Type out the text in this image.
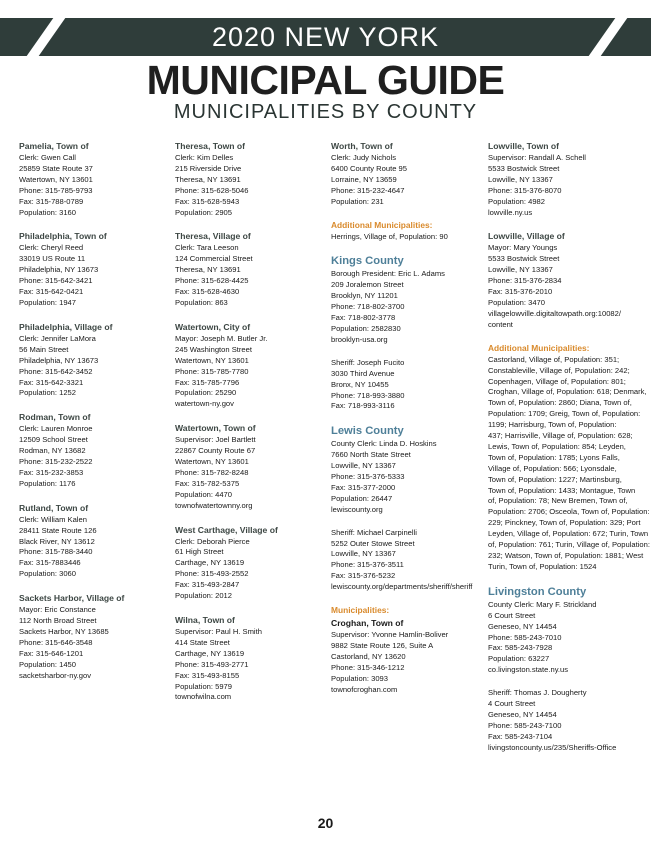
2020 NEW YORK
MUNICIPAL GUIDE
MUNICIPALITIES BY COUNTY
Pamelia, Town of
Clerk: Gwen Call
25859 State Route 37
Watertown, NY 13601
Phone: 315-785-9793
Fax: 315-788-0789
Population: 3160
Philadelphia, Town of
Clerk: Cheryl Reed
33019 US Route 11
Philadelphia, NY 13673
Phone: 315-642-3421
Fax: 315-642-0421
Population: 1947
Philadelphia, Village of
Clerk: Jennifer LaMora
56 Main Street
Philadelphia, NY 13673
Phone: 315-642-3452
Fax: 315-642-3321
Population: 1252
Rodman, Town of
Clerk: Lauren Monroe
12509 School Street
Rodman, NY 13682
Phone: 315-232-2522
Fax: 315-232-3853
Population: 1176
Rutland, Town of
Clerk: William Kalen
28411 State Route 126
Black River, NY 13612
Phone: 315-788-3440
Fax: 315-7883446
Population: 3060
Sackets Harbor, Village of
Mayor: Eric Constance
112 North Broad Street
Sackets Harbor, NY 13685
Phone: 315-646-3548
Fax: 315-646-1201
Population: 1450
sacketsharbor-ny.gov
Theresa, Town of
Clerk: Kim Delles
215 Riverside Drive
Theresa, NY 13691
Phone: 315-628-5046
Fax: 315-628-5943
Population: 2905
Theresa, Village of
Clerk: Tara Leeson
124 Commercial Street
Theresa, NY 13691
Phone: 315-628-4425
Fax: 315-628-4630
Population: 863
Watertown, City of
Mayor: Joseph M. Butler Jr.
245 Washington Street
Watertown, NY 13601
Phone: 315-785-7780
Fax: 315-785-7796
Population: 25290
watertown-ny.gov
Watertown, Town of
Supervisor: Joel Bartlett
22867 County Route 67
Watertown, NY 13601
Phone: 315-782-8248
Fax: 315-782-5375
Population: 4470
townofwatertownny.org
West Carthage, Village of
Clerk: Deborah Pierce
61 High Street
Carthage, NY 13619
Phone: 315-493-2552
Fax: 315-493-2847
Population: 2012
Wilna, Town of
Supervisor: Paul H. Smith
414 State Street
Carthage, NY 13619
Phone: 315-493-2771
Fax: 315-493-8155
Population: 5979
townofwilna.com
Worth, Town of
Clerk: Judy Nichols
6400 County Route 95
Lorraine, NY 13659
Phone: 315-232-4647
Population: 231
Additional Municipalities:
Herrings, Village of, Population: 90
Kings County
Borough President: Eric L. Adams
209 Joralemon Street
Brooklyn, NY 11201
Phone: 718-802-3700
Fax: 718-802-3778
Population: 2582830
brooklyn-usa.org
Sheriff: Joseph Fucito
3030 Third Avenue
Bronx, NY 10455
Phone: 718-993-3880
Fax: 718-993-3116
Lewis County
County Clerk: Linda D. Hoskins
7660 North State Street
Lowville, NY 13367
Phone: 315-376-5333
Fax: 315-377-2000
Population: 26447
lewiscounty.org
Sheriff: Michael Carpinelli
5252 Outer Stowe Street
Lowville, NY 13367
Phone: 315-376-3511
Fax: 315-376-5232
lewiscounty.org/departments/sheriff/sheriff
Municipalities:
Croghan, Town of
Supervisor: Yvonne Hamlin-Boliver
9882 State Route 126, Suite A
Castorland, NY 13620
Phone: 315-346-1212
Population: 3093
townofcroghan.com
Lowville, Town of
Supervisor: Randall A. Schell
5533 Bostwick Street
Lowville, NY 13367
Phone: 315-376-8070
Population: 4982
lowville.ny.us
Lowville, Village of
Mayor: Mary Youngs
5533 Bostwick Street
Lowville, NY 13367
Phone: 315-376-2834
Fax: 315-376-2010
Population: 3470
villagelowville.digitaltowpath.org:10082/
content
Additional Municipalities:
Castorland, Village of, Population: 351;
Constableville, Village of, Population: 242;
Copenhagen, Village of, Population: 801;
Croghan, Village of, Population: 618; Denmark,
Town of, Population: 2860; Diana, Town of,
Population: 1709; Greig, Town of, Population:
1199; Harrisburg, Town of, Population:
437; Harrisville, Village of, Population: 628;
Lewis, Town of, Population: 854; Leyden,
Town of, Population: 1785; Lyons Falls,
Village of, Population: 566; Lyonsdale,
Town of, Population: 1227; Martinsburg,
Town of, Population: 1433; Montague, Town
of, Population: 78; New Bremen, Town of,
Population: 2706; Osceola, Town of, Population:
229; Pinckney, Town of, Population: 329; Port
Leyden, Village of, Population: 672; Turin, Town
of, Population: 761; Turin, Village of, Population:
232; Watson, Town of, Population: 1881; West
Turin, Town of, Population: 1524
Livingston County
County Clerk: Mary F. Strickland
6 Court Street
Geneseo, NY 14454
Phone: 585-243-7010
Fax: 585-243-7928
Population: 63227
co.livingston.state.ny.us
Sheriff: Thomas J. Dougherty
4 Court Street
Geneseo, NY 14454
Phone: 585-243-7100
Fax: 585-243-7104
livingstoncounty.us/235/Sheriffs-Office
20
